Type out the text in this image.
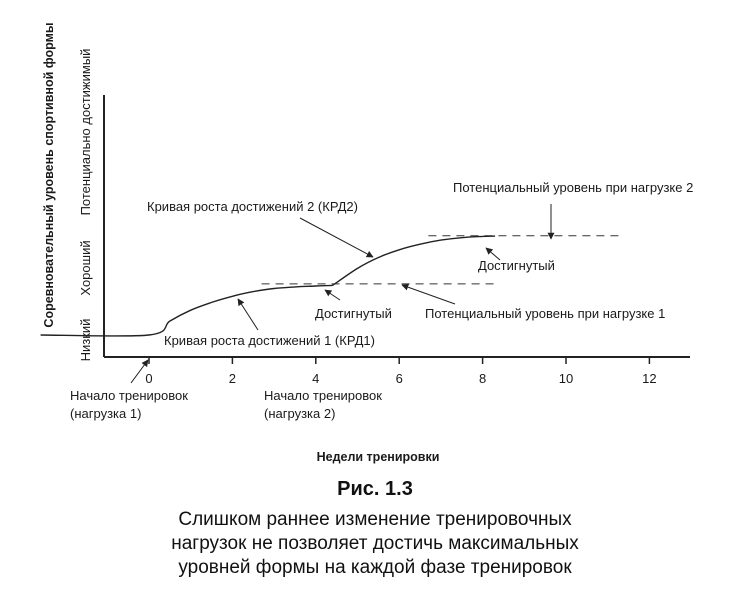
0	2	4	6	8	10	12
Соревновательный уровень спортивной формы
Низкий
Хороший
Потенциально достижимый	Кривая роста достижений 2 (КРД2)
Потенциальный уровень при нагрузке 2
Достигнутый
Достигнутый	Потенциальный уровень при нагрузке 1
Кривая роста достижений 1 (КРД1)
Начало тренировок
(нагрузка 1)
Начало тренировок
(нагрузка 2)
Недели тренировки
Рис. 1.3
Слишком раннее изменение тренировочных
нагрузок не позволяет достичь максимальных
уровней формы на каждой фазе тренировок
